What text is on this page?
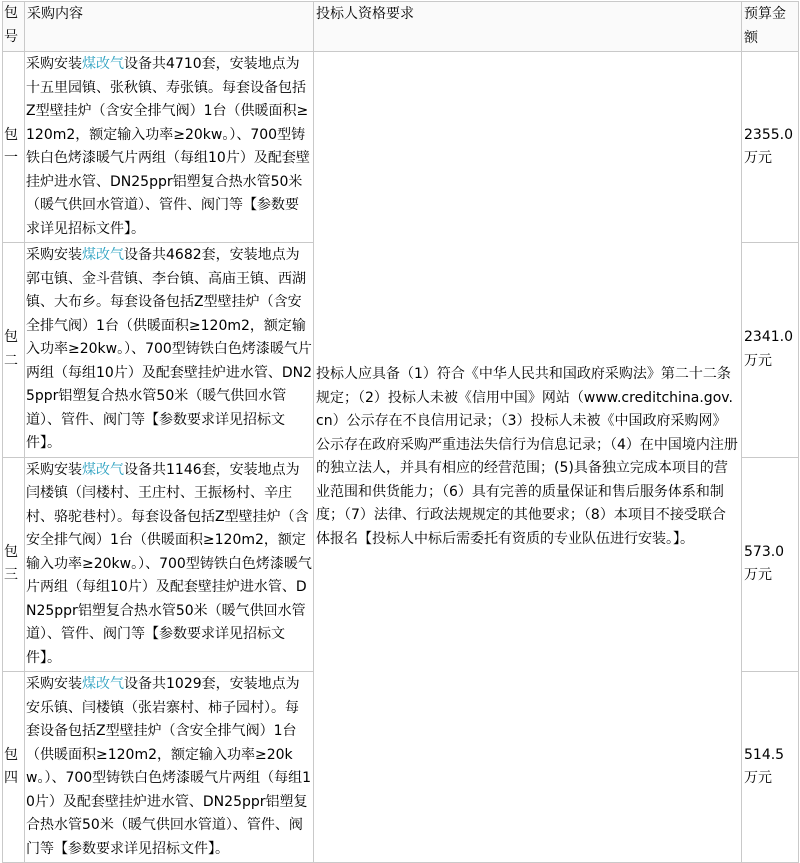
包号	采购内容	投标人资格要求	预算金额
包一	采购安装煤改气设备共4710套，安装地点为十五里园镇、张秋镇、寿张镇。每套设备包括Z型壁挂炉（含安全排气阀）1台（供暖面积≥120m2，额定输入功率≥20kw。）、700型铸铁白色烤漆暖气片两组（每组10片）及配套壁挂炉进水管、DN25ppr铝塑复合热水管50米（暖气供回水管道）、管件、阀门等【参数要求详见招标文件】。	投标人应具备（1）符合《中华人民共和国政府采购法》第二十二条规定；（2）投标人未被《信用中国》网站（www.creditchina.gov.cn）公示存在不良信用记录；（3）投标人未被《中国政府采购网》公示存在政府采购严重违法失信行为信息记录；（4）在中国境内注册的独立法人，并具有相应的经营范围；(5)具备独立完成本项目的营业范围和供货能力；（6）具有完善的质量保证和售后服务体系和制度；（7）法律、行政法规规定的其他要求；（8）本项目不接受联合体报名【投标人中标后需委托有资质的专业队伍进行安装。】。	2355.0万元
包二	采购安装煤改气设备共4682套，安装地点为郭屯镇、金斗营镇、李台镇、高庙王镇、西湖镇、大布乡。每套设备包括Z型壁挂炉（含安全排气阀）1台（供暖面积≥120m2，额定输入功率≥20kw。）、700型铸铁白色烤漆暖气片两组（每组10片）及配套壁挂炉进水管、DN25ppr铝塑复合热水管50米（暖气供回水管道）、管件、阀门等【参数要求详见招标文件】。		2341.0万元
包三	采购安装煤改气设备共1146套，安装地点为闫楼镇（闫楼村、王庄村、王振杨村、辛庄村、骆驼巷村）。每套设备包括Z型壁挂炉（含安全排气阀）1台（供暖面积≥120m2，额定输入功率≥20kw。）、700型铸铁白色烤漆暖气片两组（每组10片）及配套壁挂炉进水管、DN25ppr铝塑复合热水管50米（暖气供回水管道）、管件、阀门等【参数要求详见招标文件】。		573.0万元
包四	采购安装煤改气设备共1029套，安装地点为安乐镇、闫楼镇（张岩寨村、柿子园村）。每套设备包括Z型壁挂炉（含安全排气阀）1台（供暖面积≥120m2，额定输入功率≥20kw。）、700型铸铁白色烤漆暖气片两组（每组10片）及配套壁挂炉进水管、DN25ppr铝塑复合热水管50米（暖气供回水管道）、管件、阀门等【参数要求详见招标文件】。		514.5万元
